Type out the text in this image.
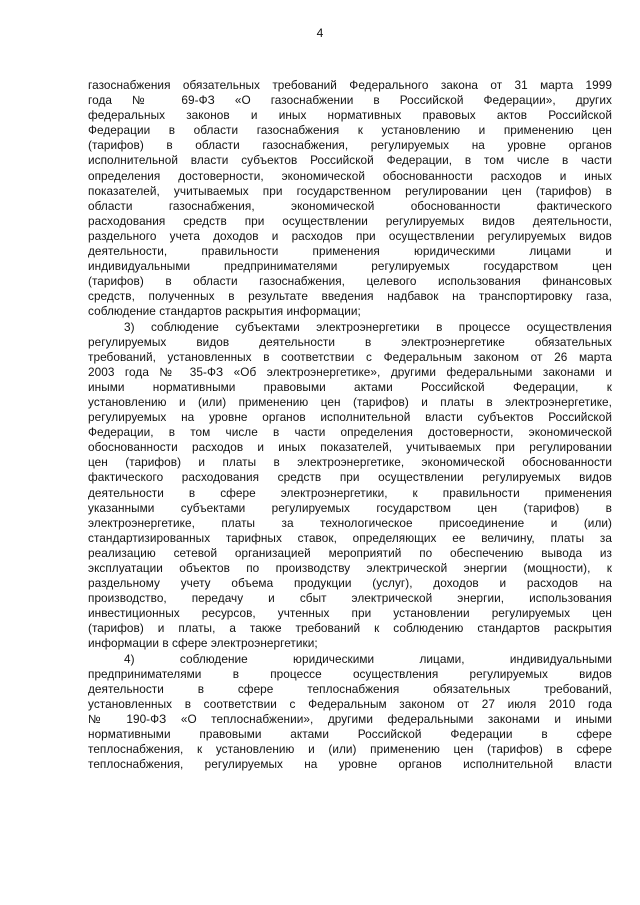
4

газоснабжения обязательных требований Федерального закона от 31 марта 1999
года № 69-ФЗ «О газоснабжении в Российской Федерации», других
федеральных законов и иных нормативных правовых актов Российской
Федерации в области газоснабжения к установлению и применению цен
(тарифов) в области газоснабжения, регулируемых на уровне органов
исполнительной власти субъектов Российской Федерации, в том числе в части
определения достоверности, экономической обоснованности расходов и иных
показателей, учитываемых при государственном регулировании цен (тарифов) в
области газоснабжения, экономической обоснованности фактического
расходования средств при осуществлении регулируемых видов деятельности,
раздельного учета доходов и расходов при осуществлении регулируемых видов
деятельности, правильности применения юридическими лицами и
индивидуальными предпринимателями регулируемых государством цен
(тарифов) в области газоснабжения, целевого использования финансовых
средств, полученных в результате введения надбавок на транспортировку газа,
соблюдение стандартов раскрытия информации;

3) соблюдение субъектами электроэнергетики в процессе осуществления
регулируемых видов деятельности в электроэнергетике обязательных
требований, установленных в соответствии с Федеральным законом от 26 марта
2003 года № 35-ФЗ «Об электроэнергетике», другими федеральными законами и
иными нормативными правовыми актами Российской Федерации, к
установлению и (или) применению цен (тарифов) и платы в электроэнергетике,
регулируемых на уровне органов исполнительной власти субъектов Российской
Федерации, в том числе в части определения достоверности, экономической
обоснованности расходов и иных показателей, учитываемых при регулировании
цен (тарифов) и платы в электроэнергетике, экономической обоснованности
фактического расходования средств при осуществлении регулируемых видов
деятельности в сфере электроэнергетики, к правильности применения
указанными субъектами регулируемых государством цен (тарифов) в
электроэнергетике, платы за технологическое присоединение и (или)
стандартизированных тарифных ставок, определяющих ее величину, платы за
реализацию сетевой организацией мероприятий по обеспечению вывода из
эксплуатации объектов по производству электрической энергии (мощности), к
раздельному учету объема продукции (услуг), доходов и расходов на
производство, передачу и сбыт электрической энергии, использования
инвестиционных ресурсов, учтенных при установлении регулируемых цен
(тарифов) и платы, а также требований к соблюдению стандартов раскрытия
информации в сфере электроэнергетики;

4) соблюдение юридическими лицами, индивидуальными
предпринимателями в процессе осуществления регулируемых видов
деятельности в сфере теплоснабжения обязательных требований,
установленных в соответствии с Федеральным законом от 27 июля 2010 года
№ 190-ФЗ «О теплоснабжении», другими федеральными законами и иными
нормативными правовыми актами Российской Федерации в сфере
теплоснабжения, к установлению и (или) применению цен (тарифов) в сфере
теплоснабжения, регулируемых на уровне органов исполнительной власти
